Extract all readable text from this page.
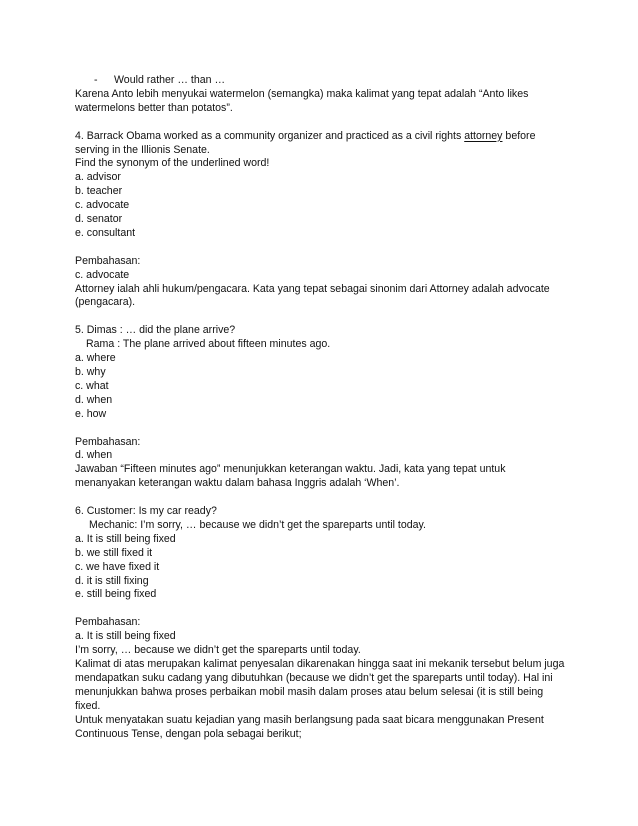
- Would rather … than …
Karena Anto lebih menyukai watermelon (semangka) maka kalimat yang tepat adalah “Anto likes
watermelons better than potatos”.
4. Barrack Obama worked as a community organizer and practiced as a civil rights attorney before
serving in the Illionis Senate.
Find the synonym of the underlined word!
a. advisor
b. teacher
c. advocate
d. senator
e. consultant
Pembahasan:
c. advocate
Attorney ialah ahli hukum/pengacara. Kata yang tepat sebagai sinonim dari Attorney adalah advocate
(pengacara).
5. Dimas : … did the plane arrive?
Rama : The plane arrived about fifteen minutes ago.
a. where
b. why
c. what
d. when
e. how
Pembahasan:
d. when
Jawaban “Fifteen minutes ago” menunjukkan keterangan waktu. Jadi, kata yang tepat untuk
menanyakan keterangan waktu dalam bahasa Inggris adalah ‘When’.
6. Customer: Is my car ready?
Mechanic: I’m sorry, … because we didn’t get the spareparts until today.
a. It is still being fixed
b. we still fixed it
c. we have fixed it
d. it is still fixing
e. still being fixed
Pembahasan:
a. It is still being fixed
I’m sorry, … because we didn’t get the spareparts until today.
Kalimat di atas merupakan kalimat penyesalan dikarenakan hingga saat ini mekanik tersebut belum juga
mendapatkan suku cadang yang dibutuhkan (because we didn’t get the spareparts until today). Hal ini
menunjukkan bahwa proses perbaikan mobil masih dalam proses atau belum selesai (it is still being
fixed.
Untuk menyatakan suatu kejadian yang masih berlangsung pada saat bicara menggunakan Present
Continuous Tense, dengan pola sebagai berikut;
